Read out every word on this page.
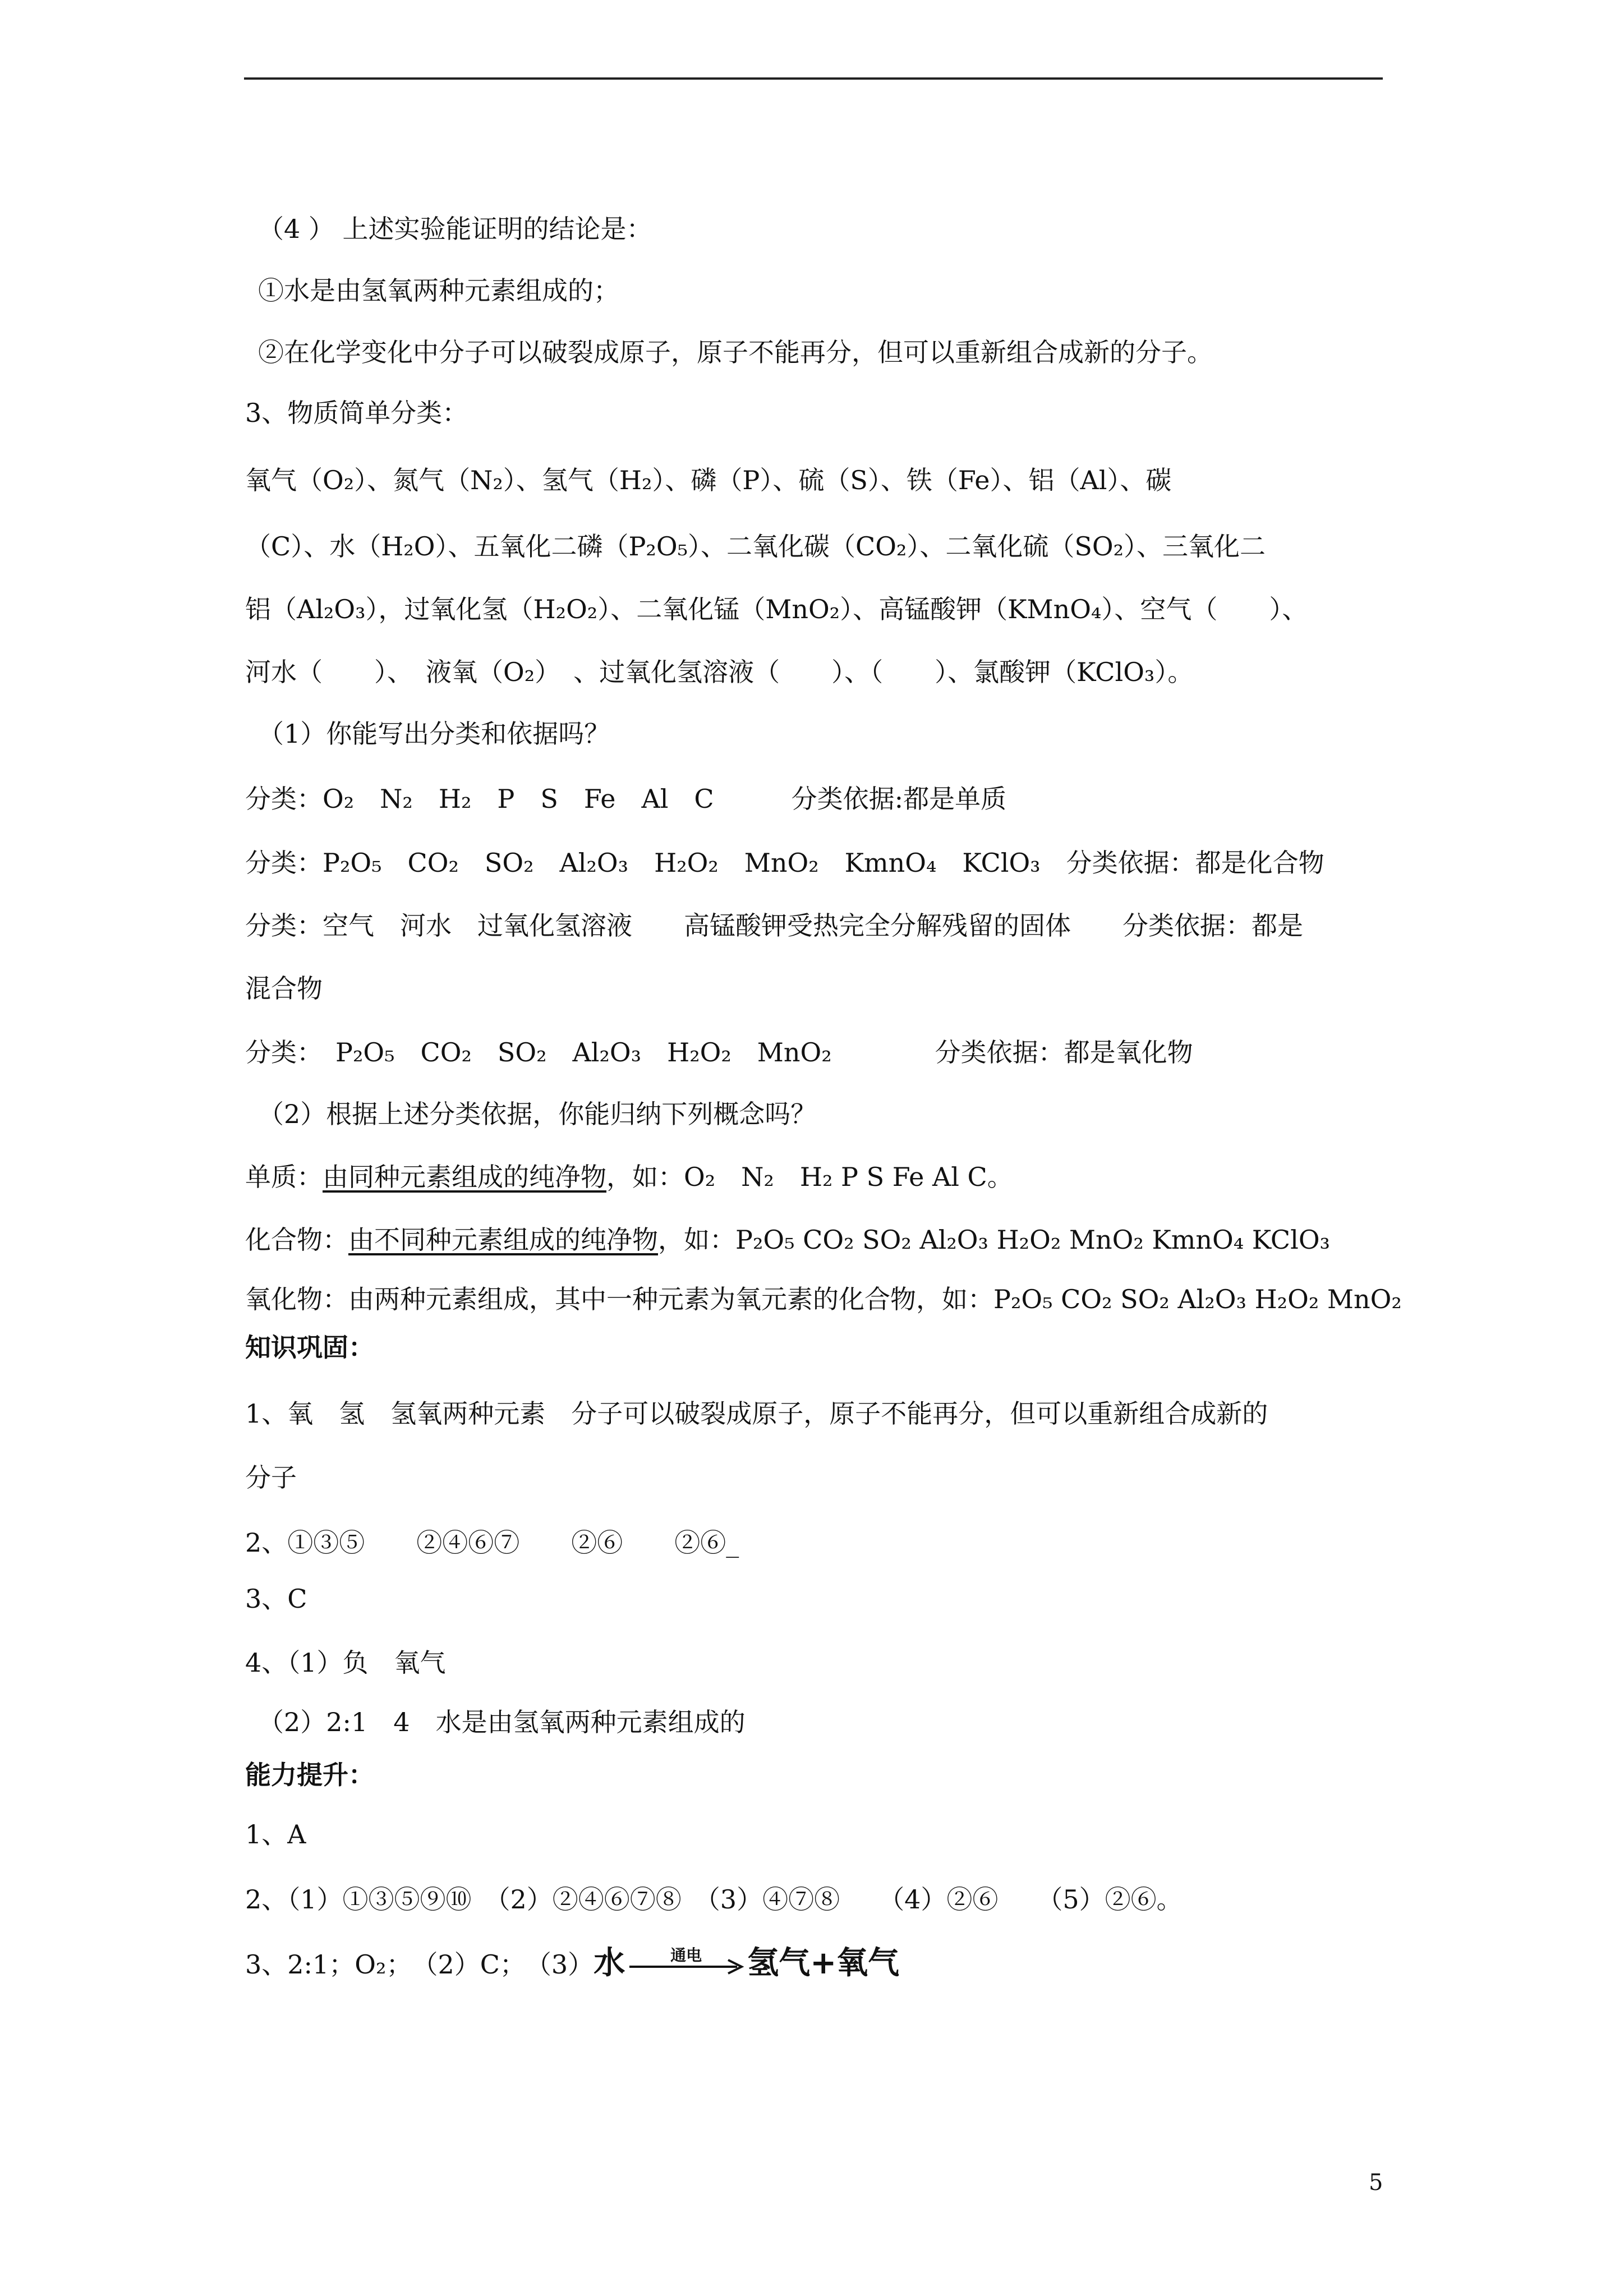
（4 ） 上述实验能证明的结论是：
①水是由氢氧两种元素组成的；
②在化学变化中分子可以破裂成原子，原子不能再分，但可以重新组合成新的分子。
3、物质简单分类：
氧气（O₂）、氮气（N₂）、氢气（H₂）、磷（P）、硫（S）、铁（Fe）、铝（Al）、碳
（C）、水（H₂O）、五氧化二磷（P₂O₅）、二氧化碳（CO₂）、二氧化硫（SO₂）、三氧化二
铝（Al₂O₃），过氧化氢（H₂O₂）、二氧化锰（MnO₂）、高锰酸钾（KMnO₄）、空气（　　）、
河水（　　）、　液氧（O₂）　、过氧化氢溶液（　　）、（　　）、氯酸钾（KClO₃）。
（1）你能写出分类和依据吗？
分类：O₂　N₂　H₂　P　S　Fe　Al　C　　　分类依据:都是单质
分类：P₂O₅　CO₂　SO₂　Al₂O₃　H₂O₂　MnO₂　KmnO₄　KClO₃　分类依据：都是化合物
分类：空气　河水　过氧化氢溶液　　高锰酸钾受热完全分解残留的固体　　分类依据：都是
混合物
分类：　P₂O₅　CO₂　SO₂　Al₂O₃　H₂O₂　MnO₂　　　　分类依据：都是氧化物
（2）根据上述分类依据，你能归纳下列概念吗？
单质：由同种元素组成的纯净物，如：O₂　N₂　H₂ P S Fe Al C。
化合物：由不同种元素组成的纯净物，如：P₂O₅ CO₂ SO₂ Al₂O₃ H₂O₂ MnO₂ KmnO₄ KClO₃
氧化物：由两种元素组成，其中一种元素为氧元素的化合物，如：P₂O₅ CO₂ SO₂ Al₂O₃ H₂O₂ MnO₂
知识巩固：
1、氧　氢　氢氧两种元素　分子可以破裂成原子，原子不能再分，但可以重新组合成新的
分子
2、①③⑤　　②④⑥⑦　　②⑥　　②⑥_
3、C
4、（1）负　氧气
（2）2:1　4　水是由氢氧两种元素组成的
能力提升：
1、A
2、（1）①③⑤⑨⑩　（2）②④⑥⑦⑧　（3）④⑦⑧　　（4）②⑥　　（5）②⑥。
3、2:1；O₂；　（2）C；　（3）水	通电	氢气+氧气
5
